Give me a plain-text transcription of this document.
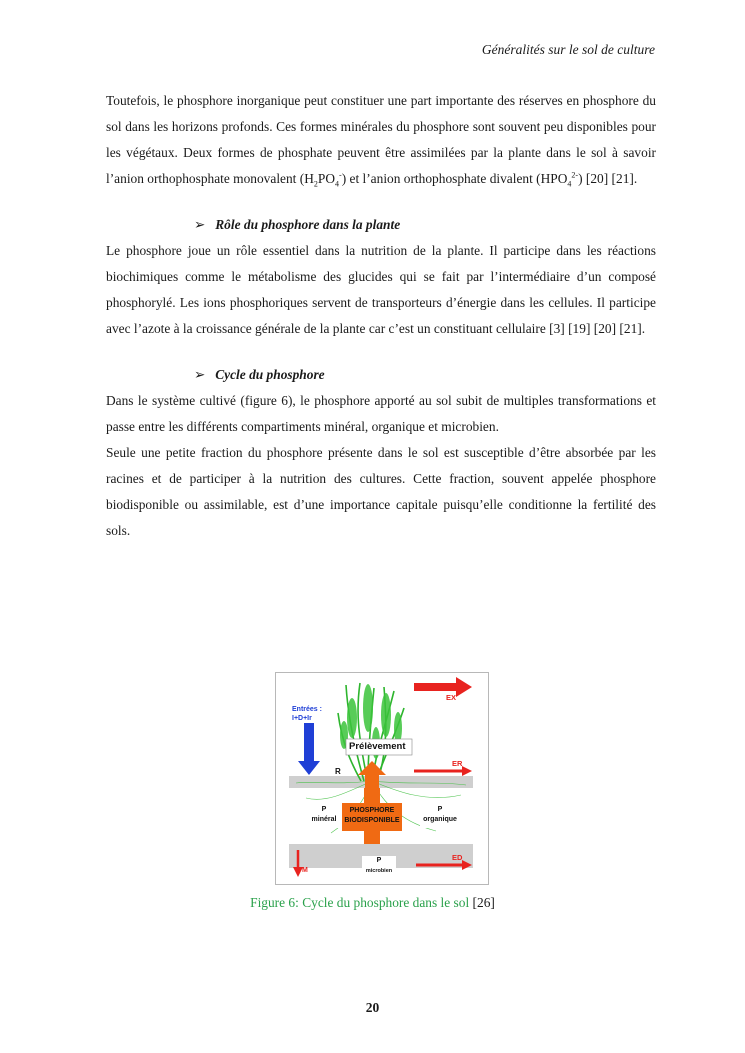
Généralités sur le sol de culture

Toutefois, le phosphore inorganique peut constituer une part importante des réserves en phosphore du sol dans les horizons profonds. Ces formes minérales du phosphore sont souvent peu disponibles pour les végétaux. Deux formes de phosphate peuvent être assimilées par la plante dans le sol à savoir l’anion orthophosphate monovalent $(H_2PO_4^-)$ et l’anion orthophosphate divalent $(HPO_4^{2-})$ [20] [21].

➢ Rôle du phosphore dans la plante

Le phosphore joue un rôle essentiel dans la nutrition de la plante. Il participe dans les réactions biochimiques comme le métabolisme des glucides qui se fait par l’intermédiaire d’un composé phosphorylé. Les ions phosphoriques servent de transporteurs d’énergie dans les cellules. Il participe avec l’azote à la croissance générale de la plante car c’est un constituant cellulaire [3] [19] [20] [21].

➢ Cycle du phosphore

Dans le système cultivé (figure 6), le phosphore apporté au sol subit de multiples transformations et passe entre les différents compartiments minéral, organique et microbien.

Seule une petite fraction du phosphore présente dans le sol est susceptible d’être absorbée par les racines et de participer à la nutrition des cultures. Cette fraction, souvent appelée phosphore biodisponible ou assimilable, est d’une importance capitale puisqu’elle conditionne la fertilité des sols.

Entrées :
I+D+Ir
EX
Prélèvement
R
ER
P
minéral
PHOSPHORE
BIODISPONIBLE
P
organique
M
P
microbien
ED
Figure 6: Cycle du phosphore dans le sol [26]
20
